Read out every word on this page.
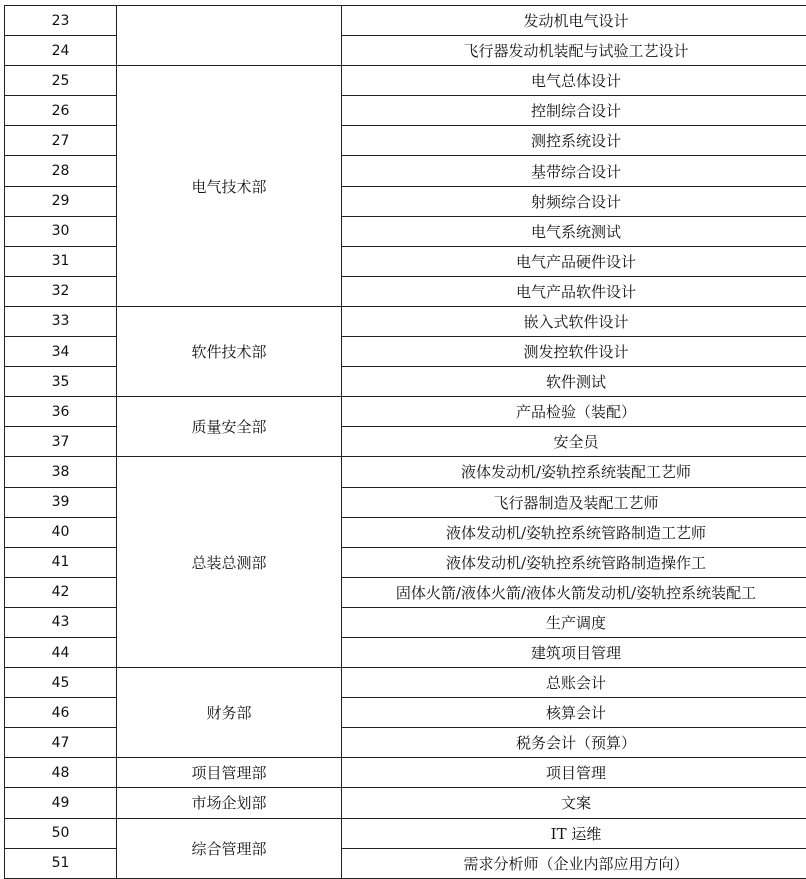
23		发动机电气设计
24		飞行器发动机装配与试验工艺设计
25	电气技术部	电气总体设计
26		控制综合设计
27		测控系统设计
28		基带综合设计
29		射频综合设计
30		电气系统测试
31		电气产品硬件设计
32		电气产品软件设计
33	软件技术部	嵌入式软件设计
34		测发控软件设计
35		软件测试
36	质量安全部	产品检验（装配）
37		安全员
38	总装总测部	液体发动机/姿轨控系统装配工艺师
39		飞行器制造及装配工艺师
40		液体发动机/姿轨控系统管路制造工艺师
41		液体发动机/姿轨控系统管路制造操作工
42		固体火箭/液体火箭/液体火箭发动机/姿轨控系统装配工
43		生产调度
44		建筑项目管理
45	财务部	总账会计
46		核算会计
47		税务会计（预算）
48	项目管理部	项目管理
49	市场企划部	文案
50	综合管理部	IT 运维
51		需求分析师（企业内部应用方向）
